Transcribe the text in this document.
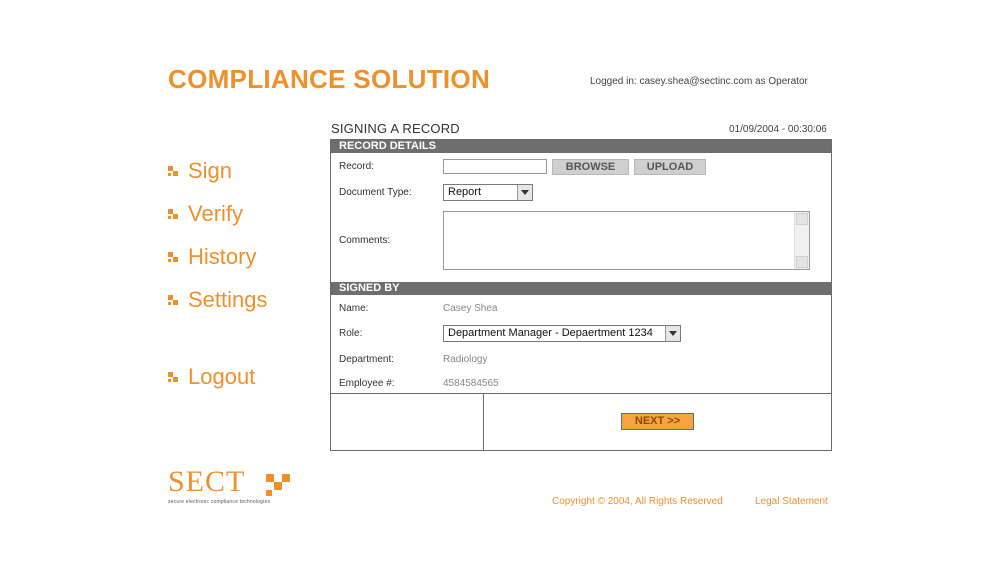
COMPLIANCE SOLUTION	Logged in: casey.shea@sectinc.com as Operator
Sign
Verify
History
Settings
Logout
SIGNING A RECORD	01/09/2004 - 00:30:06
RECORD DETAILS
Record:	BROWSE	UPLOAD
Document Type:	Report
Comments:
SIGNED BY
Name:	Casey Shea
Role:	Department Manager - Depaertment 1234
Department:	Radiology
Employee #:	4584584565
NEXT >>
SECT
secure electronic compliance technologies	Copyright © 2004, All Rights Reserved	Legal Statement
